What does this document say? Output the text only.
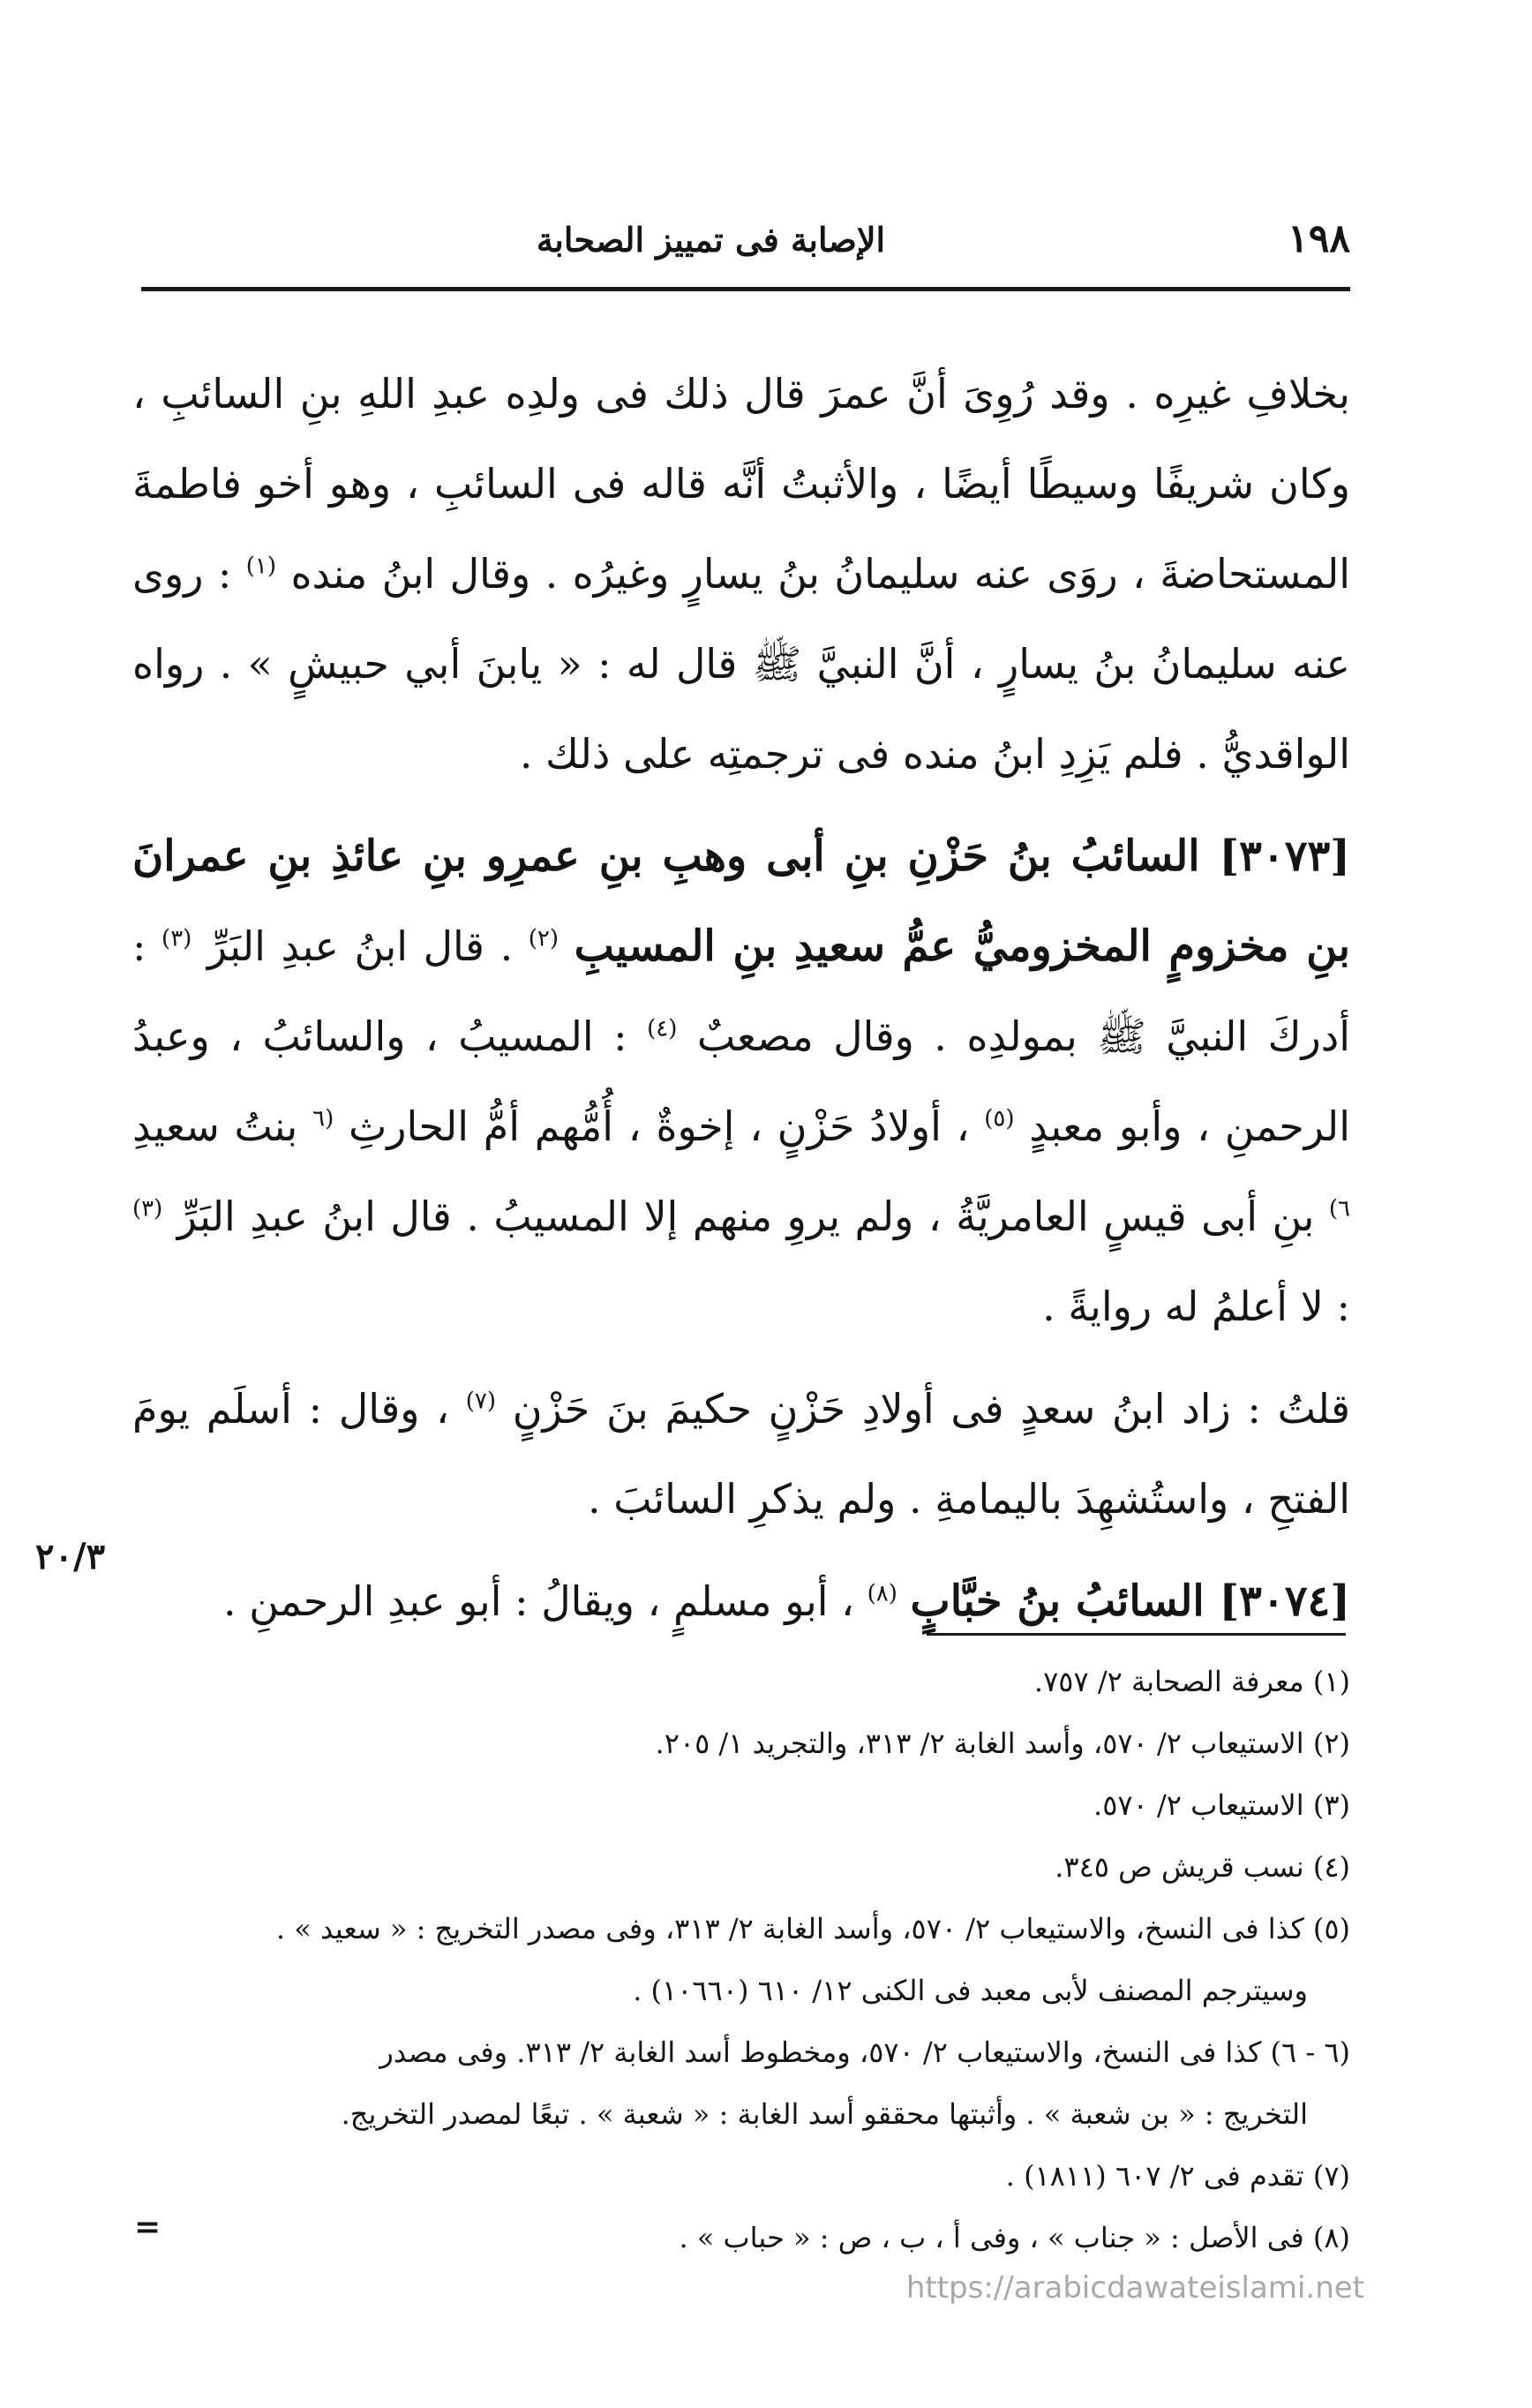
١٩٨
الإصابة فى تمييز الصحابة

بخلافِ غيرِه . وقد رُوِىَ أنَّ عمرَ قال ذلك فى ولدِه عبدِ اللهِ بنِ السائبِ ، وكان شريفًا وسيطًا أيضًا ، والأثبتُ أنَّه قاله فى السائبِ ، وهو أخو فاطمةَ المستحاضةَ ، روَى عنه سليمانُ بنُ يسارٍ وغيرُه . وقال ابنُ منده $^{(١)}$ : روى عنه سليمانُ بنُ يسارٍ ، أنَّ النبيَّ ﷺ قال له : « يابنَ أبي حبيشٍ » . رواه الواقديُّ . فلم يَزِدِ ابنُ منده فى ترجمتِه على ذلك .

[٣٠٧٣] السائبُ بنُ حَزْنِ بنِ أبى وهبِ بنِ عمرِو بنِ عائذِ بنِ عمرانَ بنِ مخزومٍ المخزوميُّ عمُّ سعيدِ بنِ المسيبِ $^{(٢)}$ . قال ابنُ عبدِ البَرِّ $^{(٣)}$ : أدركَ النبيَّ ﷺ بمولدِه . وقال مصعبٌ $^{(٤)}$ : المسيبُ ، والسائبُ ، وعبدُ الرحمنِ ، وأبو معبدٍ $^{(٥)}$ ، أولادُ حَزْنٍ ، إخوةٌ ، أُمُّهم أمُّ الحارثِ $^{(٦}$ بنتُ سعيدِ $^{٦)}$ بنِ أبى قيسٍ العامريَّةُ ، ولم يروِ منهم إلا المسيبُ . قال ابنُ عبدِ البَرِّ $^{(٣)}$ : لا أعلمُ له روايةً .

قلتُ : زاد ابنُ سعدٍ فى أولادِ حَزْنٍ حكيمَ بنَ حَزْنٍ $^{(٧)}$ ، وقال : أسلَم يومَ الفتحِ ، واستُشهِدَ باليمامةِ . ولم يذكرِ السائبَ .

[٣٠٧٤] السائبُ بنُ خبَّابٍ $^{(٨)}$ ، أبو مسلمٍ ، ويقالُ : أبو عبدِ الرحمنِ .

٢٠/٣

(١) معرفة الصحابة ٢/ ٧٥٧.

(٢) الاستيعاب ٢/ ٥٧٠، وأسد الغابة ٢/ ٣١٣، والتجريد ١/ ٢٠٥.

(٣) الاستيعاب ٢/ ٥٧٠.

(٤) نسب قريش ص ٣٤٥.

(٥) كذا فى النسخ، والاستيعاب ٢/ ٥٧٠، وأسد الغابة ٢/ ٣١٣، وفى مصدر التخريج : « سعيد » .
وسيترجم المصنف لأبى معبد فى الكنى ١٢/ ٦١٠ (١٠٦٦٠) .

(٦ - ٦) كذا فى النسخ، والاستيعاب ٢/ ٥٧٠، ومخطوط أسد الغابة ٢/ ٣١٣. وفى مصدر
التخريج : « بن شعبة » . وأثبتها محققو أسد الغابة : « شعبة » . تبعًا لمصدر التخريج.

(٧) تقدم فى ٢/ ٦٠٧ (١٨١١) .

(٨) فى الأصل : « جناب » ، وفى أ ، ب ، ص : « حباب » .

=
https://arabicdawateislami.net
